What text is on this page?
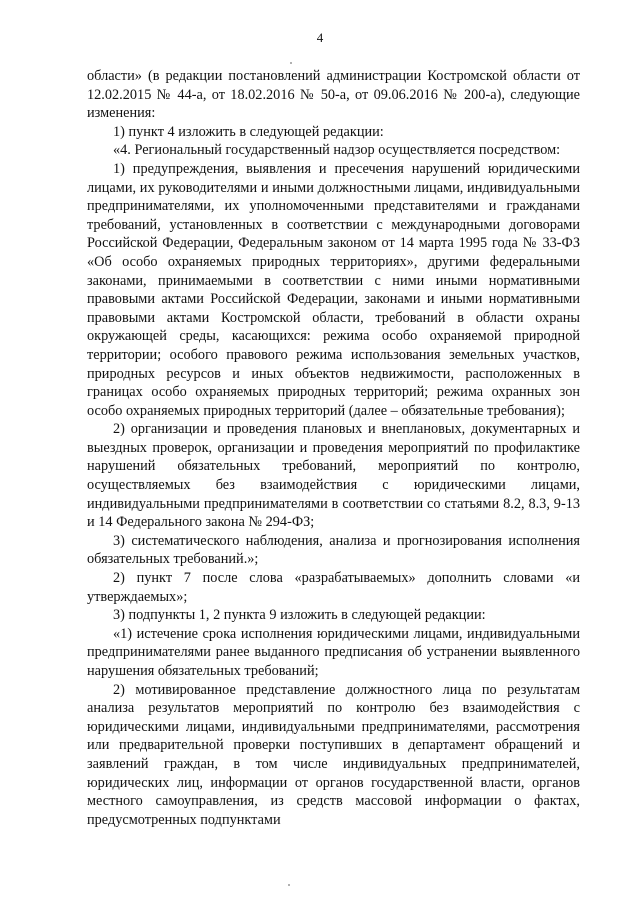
4

области» (в редакции постановлений администрации Костромской области от 12.02.2015 № 44-а, от 18.02.2016 № 50-а, от 09.06.2016 № 200-а), следующие изменения:

1) пункт 4 изложить в следующей редакции:

«4. Региональный государственный надзор осуществляется посредством:

1) предупреждения, выявления и пресечения нарушений юридическими лицами, их руководителями и иными должностными лицами, индивидуальными предпринимателями, их уполномоченными представителями и гражданами требований, установленных в соответствии с международными договорами Российской Федерации, Федеральным законом от 14 марта 1995 года № 33-ФЗ «Об особо охраняемых природных территориях», другими федеральными законами, принимаемыми в соответствии с ними иными нормативными правовыми актами Российской Федерации, законами и иными нормативными правовыми актами Костромской области, требований в области охраны окружающей среды, касающихся: режима особо охраняемой природной территории; особого правового режима использования земельных участков, природных ресурсов и иных объектов недвижимости, расположенных в границах особо охраняемых природных территорий; режима охранных зон особо охраняемых природных территорий (далее – обязательные требования);

2) организации и проведения плановых и внеплановых, документарных и выездных проверок, организации и проведения мероприятий по профилактике нарушений обязательных требований, мероприятий по контролю, осуществляемых без взаимодействия с юридическими лицами, индивидуальными предпринимателями в соответствии со статьями 8.2, 8.3, 9-13 и 14 Федерального закона № 294-ФЗ;

3) систематического наблюдения, анализа и прогнозирования исполнения обязательных требований.»;

2) пункт 7 после слова «разрабатываемых» дополнить словами «и утверждаемых»;

3) подпункты 1, 2 пункта 9 изложить в следующей редакции:

«1) истечение срока исполнения юридическими лицами, индивидуальными предпринимателями ранее выданного предписания об устранении выявленного нарушения обязательных требований;

2) мотивированное представление должностного лица по результатам анализа результатов мероприятий по контролю без взаимодействия с юридическими лицами, индивидуальными предпринимателями, рассмотрения или предварительной проверки поступивших в департамент обращений и заявлений граждан, в том числе индивидуальных предпринимателей, юридических лиц, информации от органов государственной власти, органов местного самоуправления, из средств массовой информации о фактах, предусмотренных подпунктами
